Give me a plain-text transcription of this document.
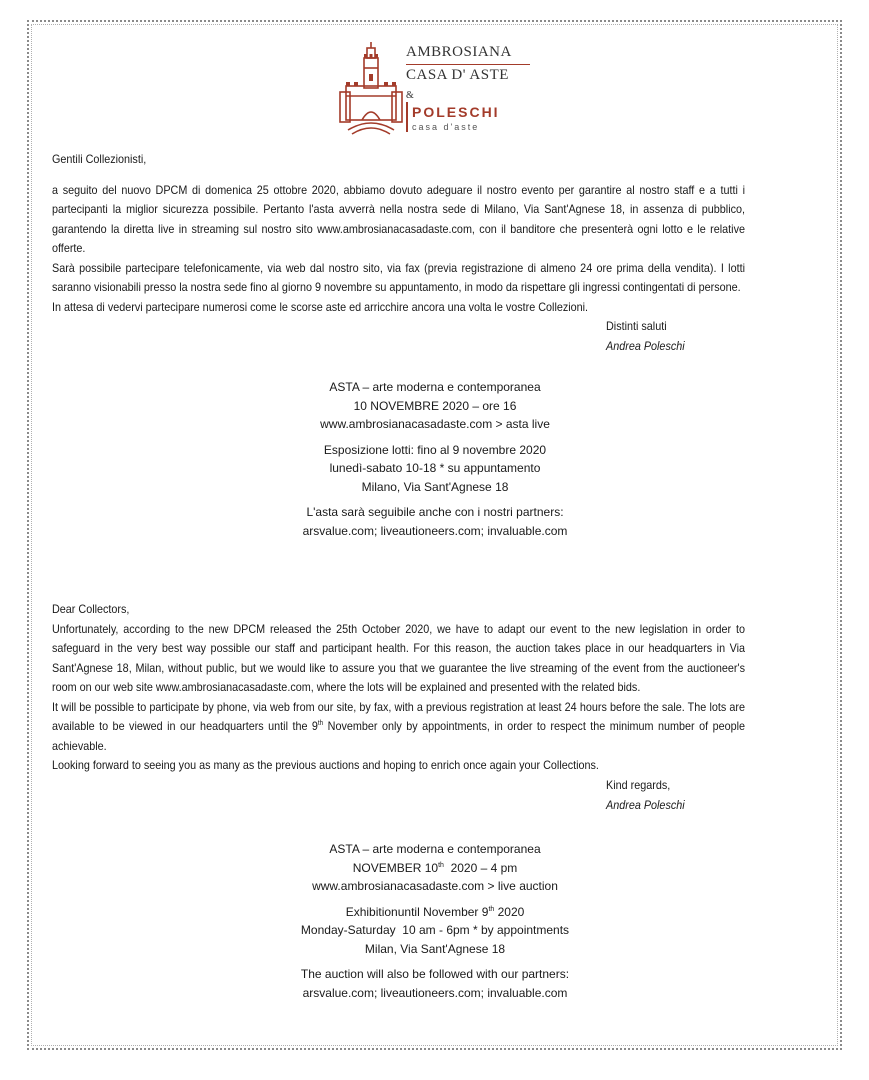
AMBROSIANA
CASA D' ASTE
&
POLESCHI
casa d'aste

Gentili Collezionisti,

a seguito del nuovo DPCM di domenica 25 ottobre 2020, abbiamo dovuto adeguare il nostro evento per garantire al nostro staff e a tutti i partecipanti la miglior sicurezza possibile. Pertanto l'asta avverrà nella nostra sede di Milano, Via Sant'Agnese 18, in assenza di pubblico, garantendo la diretta live in streaming sul nostro sito www.ambrosianacasadaste.com, con il banditore che presenterà ogni lotto e le relative offerte.

Sarà possibile partecipare telefonicamente, via web dal nostro sito, via fax (previa registrazione di almeno 24 ore prima della vendita). I lotti saranno visionabili presso la nostra sede fino al giorno 9 novembre su appuntamento, in modo da rispettare gli ingressi contingentati di persone.

In attesa di vedervi partecipare numerosi come le scorse aste ed arricchire ancora una volta le vostre Collezioni.

Distinti saluti
Andrea Poleschi
ASTA – arte moderna e contemporanea
10 NOVEMBRE 2020 – ore 16
www.ambrosianacasadaste.com > asta live
Esposizione lotti: fino al 9 novembre 2020
lunedì-sabato 10-18 * su appuntamento
Milano, Via Sant'Agnese 18
L'asta sarà seguibile anche con i nostri partners:
arsvalue.com; liveautioneers.com; invaluable.com

Dear Collectors,

Unfortunately, according to the new DPCM released the 25th October 2020, we have to adapt our event to the new legislation in order to safeguard in the very best way possible our staff and participant health. For this reason, the auction takes place in our headquarters in Via Sant'Agnese 18, Milan, without public, but we would like to assure you that we guarantee the live streaming of the event from the auctioneer's room on our web site www.ambrosianacasadaste.com, where the lots will be explained and presented with the related bids.

It will be possible to participate by phone, via web from our site, by fax, with a previous registration at least 24 hours before the sale. The lots are available to be viewed in our headquarters until the 9th November only by appointments, in order to respect the minimum number of people achievable.

Looking forward to seeing you as many as the previous auctions and hoping to enrich once again your Collections.

Kind regards,
Andrea Poleschi
ASTA – arte moderna e contemporanea
NOVEMBER 10th  2020 – 4 pm
www.ambrosianacasadaste.com > live auction
Exhibitionuntil November 9th 2020
Monday-Saturday  10 am - 6pm * by appointments
Milan, Via Sant'Agnese 18
The auction will also be followed with our partners:
arsvalue.com; liveautioneers.com; invaluable.com
